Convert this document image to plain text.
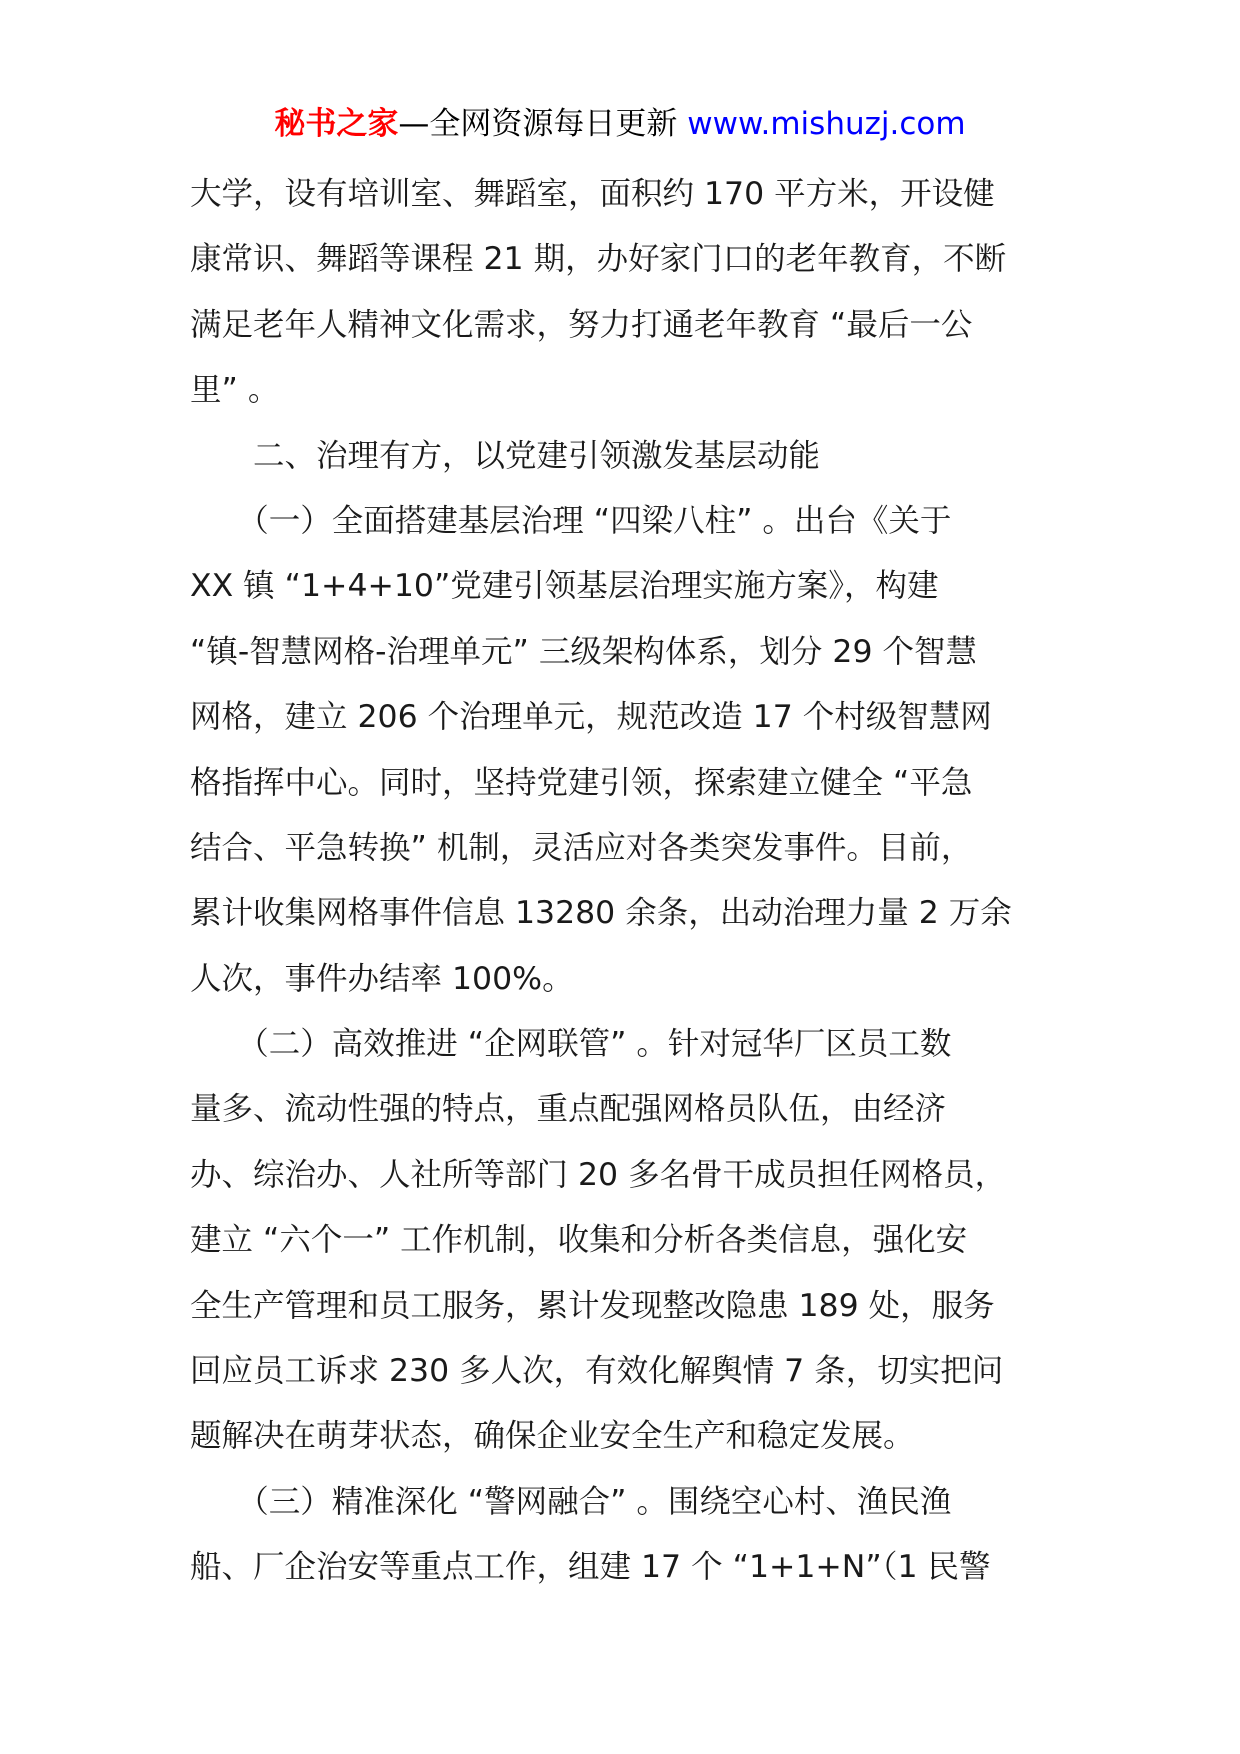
秘书之家—全网资源每日更新 www.mishuzj.com
大学，设有培训室、舞蹈室，面积约 170 平方米，开设健
康常识、舞蹈等课程 21 期，办好家门口的老年教育，不断
满足老年人精神文化需求，努力打通老年教育 “最后一公
里” 。
　　二、治理有方，以党建引领激发基层动能
　　（一）全面搭建基层治理 “四梁八柱” 。出台《关于
XX 镇 “1+4+10”党建引领基层治理实施方案》，构建
“镇-智慧网格-治理单元” 三级架构体系，划分 29 个智慧
网格，建立 206 个治理单元，规范改造 17 个村级智慧网
格指挥中心。同时，坚持党建引领，探索建立健全 “平急
结合、平急转换” 机制，灵活应对各类突发事件。目前，
累计收集网格事件信息 13280 余条，出动治理力量 2 万余
人次，事件办结率 100%。
　　（二）高效推进 “企网联管” 。针对冠华厂区员工数
量多、流动性强的特点，重点配强网格员队伍，由经济
办、综治办、人社所等部门 20 多名骨干成员担任网格员，
建立 “六个一” 工作机制，收集和分析各类信息，强化安
全生产管理和员工服务，累计发现整改隐患 189 处，服务
回应员工诉求 230 多人次，有效化解舆情 7 条，切实把问
题解决在萌芽状态，确保企业安全生产和稳定发展。
　　（三）精准深化 “警网融合” 。围绕空心村、渔民渔
船、厂企治安等重点工作，组建 17 个 “1+1+N”（1 民警
